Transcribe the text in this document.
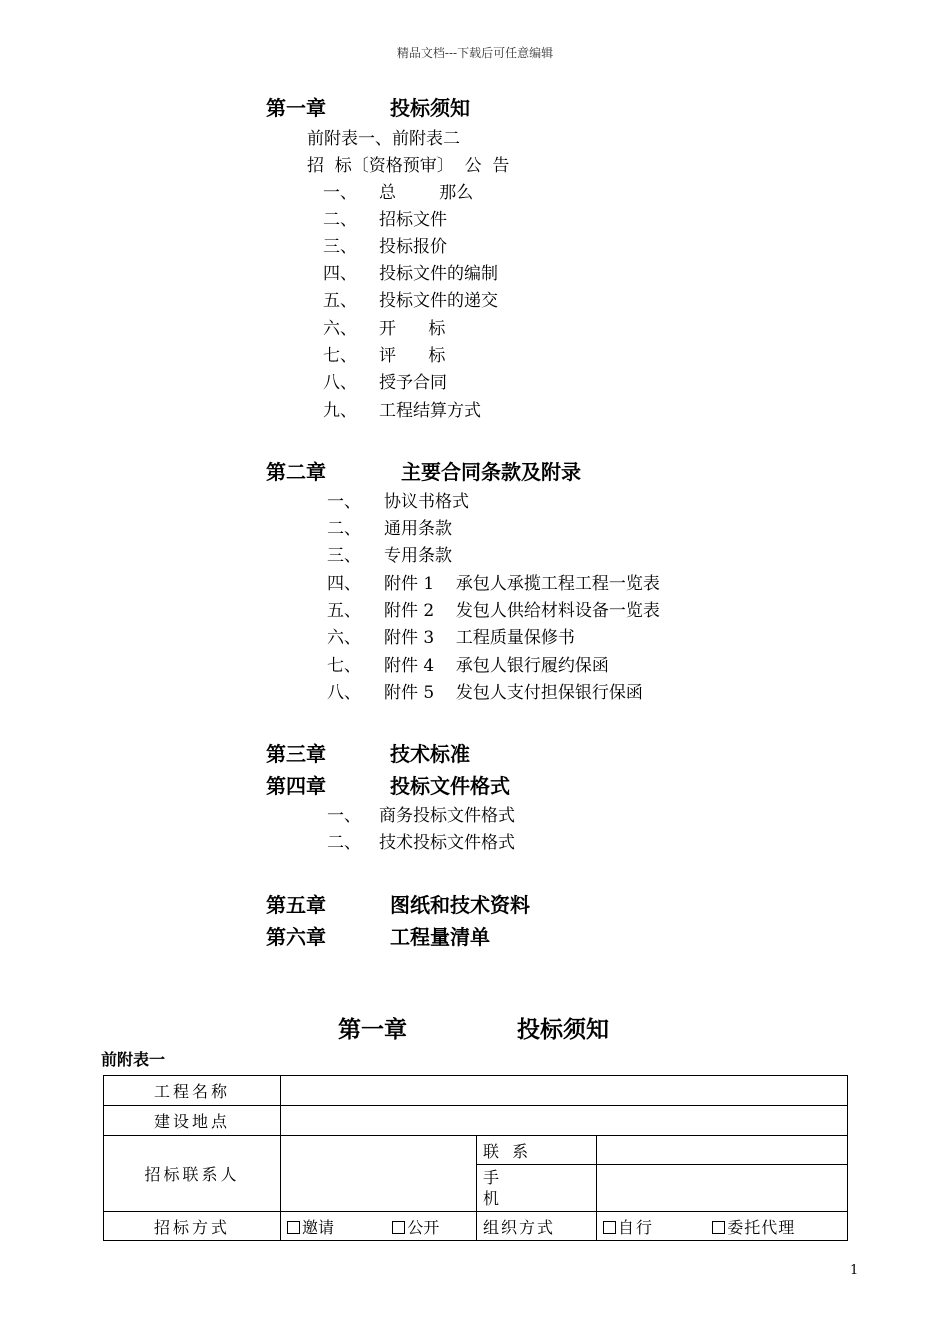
精品文档---下载后可任意编辑
第一章	投标须知
前附表一、前附表二
招  标〔资格预审〕  公  告
一、 总        那么
二、 招标文件
三、 投标报价
四、 投标文件的编制
五、 投标文件的递交
六、 开      标
七、 评      标
八、 授予合同
九、 工程结算方式
第二章	主要合同条款及附录
一、 协议书格式
二、 通用条款
三、 专用条款
四、 附件 1    承包人承揽工程工程一览表
五、 附件 2    发包人供给材料设备一览表
六、 附件 3    工程质量保修书
七、 附件 4    承包人银行履约保函
八、 附件 5    发包人支付担保银行保函
第三章	技术标准
第四章	投标文件格式
一、 商务投标文件格式
二、 技术投标文件格式
第五章	图纸和技术资料
第六章	工程量清单
第一章	投标须知
前附表一
工程名称			
建设地点			
招标联系人		联  系	
		手
机	
招标方式	邀请 公开	组织方式	自行 委托代理
1
